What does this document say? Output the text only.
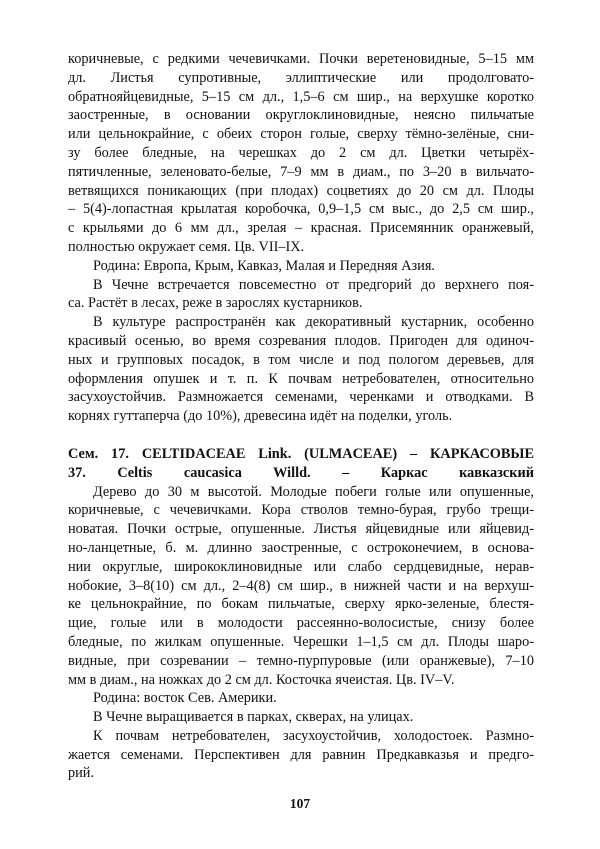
коричневые, с редкими чечевичками. Почки веретеновидные, 5–15 мм

дл. Листья супротивные, эллиптические или продолговато-

обратнояйцевидные, 5–15 см дл., 1,5–6 см шир., на верхушке коротко

заостренные, в основании округлоклиновидные, неясно пильчатые

или цельнокрайние, с обеих сторон голые, сверху тёмно-зелёные, сни-

зу более бледные, на черешках до 2 см дл. Цветки четырёх-

пятичленные, зеленовато-белые, 7–9 мм в диам., по 3–20 в вильчато-

ветвящихся поникающих (при плодах) соцветиях до 20 см дл. Плоды

– 5(4)-лопастная крылатая коробочка, 0,9–1,5 см выс., до 2,5 см шир.,

с крыльями до 6 мм дл., зрелая – красная. Присемянник оранжевый,

полностью окружает семя. Цв. VII–IX.

Родина: Европа, Крым, Кавказ, Малая и Передняя Азия.

В Чечне встречается повсеместно от предгорий до верхнего поя-

са. Растёт в лесах, реже в зарослях кустарников.

В культуре распространён как декоративный кустарник, особенно

красивый осенью, во время созревания плодов. Пригоден для одиноч-

ных и групповых посадок, в том числе и под пологом деревьев, для

оформления опушек и т. п. К почвам нетребователен, относительно

засухоустойчив. Размножается семенами, черенками и отводками. В

корнях гуттаперча (до 10%), древесина идёт на поделки, уголь.

Сем. 17. CELTIDACEAE Link. (ULMACEAE) – КАРКАСОВЫЕ

37. Celtis caucasica Willd. – Каркас кавказский

Дерево до 30 м высотой. Молодые побеги голые или опушенные,

коричневые, с чечевичками. Кора стволов темно-бурая, грубо трещи-

новатая. Почки острые, опушенные. Листья яйцевидные или яйцевид-

но-ланцетные, б. м. длинно заостренные, с остроконечием, в основа-

нии округлые, ширококлиновидные или слабо сердцевидные, нерав-

нобокие, 3–8(10) см дл., 2–4(8) см шир., в нижней части и на верхуш-

ке цельнокрайние, по бокам пильчатые, сверху ярко-зеленые, блестя-

щие, голые или в молодости рассеянно-волосистые, снизу более

бледные, по жилкам опушенные. Черешки 1–1,5 см дл. Плоды шаро-

видные, при созревании – темно-пурпуровые (или оранжевые), 7–10

мм в диам., на ножках до 2 см дл. Косточка ячеистая. Цв. IV–V.

Родина: восток Сев. Америки.

В Чечне выращивается в парках, скверах, на улицах.

К почвам нетребователен, засухоустойчив, холодостоек. Размно-

жается семенами. Перспективен для равнин Предкавказья и предго-

рий.

107
